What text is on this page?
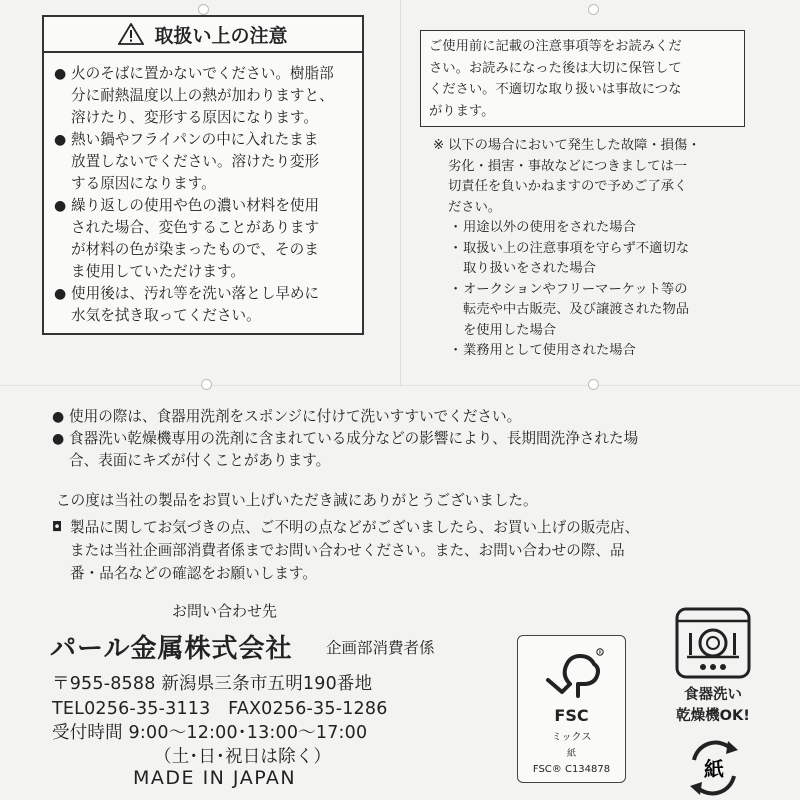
取扱い上の注意
● 火のそばに置かないでください。樹脂部
分に耐熱温度以上の熱が加わりますと、
溶けたり、変形する原因になります。
● 熱い鍋やフライパンの中に入れたまま
放置しないでください。溶けたり変形
する原因になります。
● 繰り返しの使用や色の濃い材料を使用
された場合、変色することがあります
が材料の色が染まったもので、そのま
ま使用していただけます。
● 使用後は、汚れ等を洗い落とし早めに
水気を拭き取ってください。
ご使用前に記載の注意事項等をお読みくだ
さい。お読みになった後は大切に保管して
ください。不適切な取り扱いは事故につな
がります。
※ 以下の場合において発生した故障・損傷・
劣化・損害・事故などにつきましては一
切責任を負いかねますので予めご了承く
ださい。
・ 用途以外の使用をされた場合
・ 取扱い上の注意事項を守らず不適切な
取り扱いをされた場合
・ オークションやフリーマーケット等の
転売や中古販売、及び譲渡された物品
を使用した場合
・ 業務用として使用された場合
● 使用の際は、食器用洗剤をスポンジに付けて洗いすすいでください。
● 食器洗い乾燥機専用の洗剤に含まれている成分などの影響により、長期間洗浄された場
合、表面にキズが付くことがあります。
この度は当社の製品をお買い上げいただき誠にありがとうございました。
◘ 製品に関してお気づきの点、ご不明の点などがございましたら、お買い上げの販売店、
または当社企画部消費者係までお問い合わせください。また、お問い合わせの際、品
番・品名などの確認をお願いします。
お問い合わせ先
パール金属株式会社 企画部消費者係
〒955-8588 新潟県三条市五明190番地
TEL0256-35-3113　FAX0256-35-1286
受付時間 9:00〜12:00･13:00〜17:00
（土･日･祝日は除く）
MADE IN JAPAN
R
FSC
ミックス
紙
FSC® C134878
食器洗い
乾燥機OK!
紙
